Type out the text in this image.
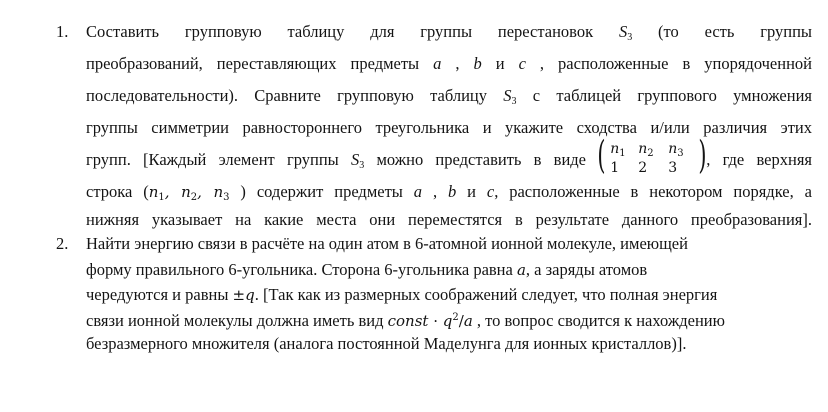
1. Составить групповую таблицу для группы перестановок $S_3$ (то есть группы
преобразований, переставляющих предметы a , b и c , расположенные в упорядоченной
последовательности). Сравните групповую таблицу $S_3$ с таблицей группового умножения
группы симметрии равностороннего треугольника и укажите сходства и/или различия этих
групп. [Каждый элемент группы $S_3$ можно представить в виде ( $n_1$ $n_2$	$n_3$
1	2	3 ) , где верхняя
строка ($n_1$, $n_2$, $n_3$ ) содержит предметы a , b и c, расположенные в некотором порядке, а
нижняя указывает на какие места они переместятся в результате данного преобразования].
2. Найти энергию связи в расчёте на один атом в 6-атомной ионной молекуле, имеющей
форму правильного 6-угольника. Сторона 6-угольника равна a, а заряды атомов
чередуются и равны ±q. [Так как из размерных соображений следует, что полная энергия
связи ионной молекулы должна иметь вид const · $q^2/a$ , то вопрос сводится к нахождению
безразмерного множителя (аналога постоянной Маделунга для ионных кристаллов)].
